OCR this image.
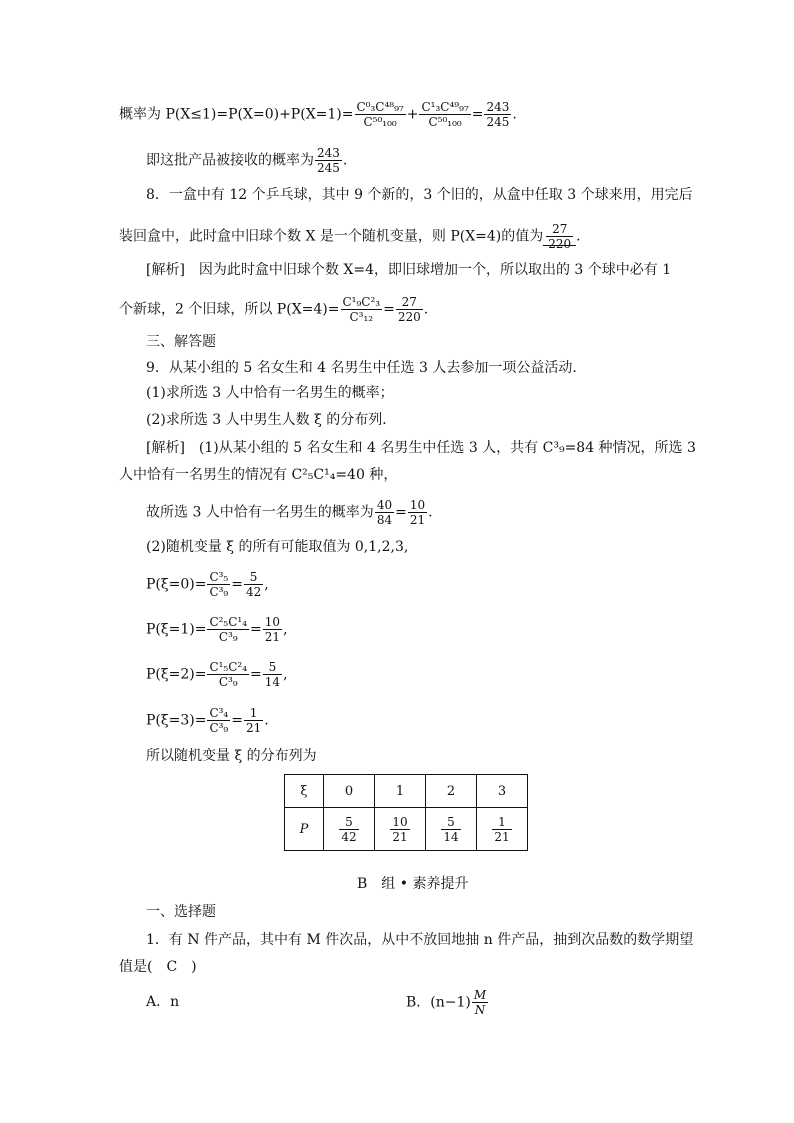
概率为 $P(X\le 1)=P(X=0)+P(X=1)= \frac{\text{C⁰₃C⁴⁸₉₇}}{\text{C⁵⁰₁₀₀}} + \frac{\text{C¹₃C⁴⁹₉₇}}{\text{C⁵⁰₁₀₀}} = \frac{243}{245}$ .
即这批产品被接收的概率为 $\frac{243}{245}$ .
8．一盒中有 12 个乒乓球，其中 9 个新的，3 个旧的，从盒中任取 3 个球来用，用完后
装回盒中，此时盒中旧球个数 X 是一个随机变量，则 P(X=4)的值为 $\frac{27}{220}$ .
[解析]　因为此时盒中旧球个数 X=4，即旧球增加一个，所以取出的 3 个球中必有 1
个新球，2 个旧球，所以 $P(X=4)= \frac{\text{C¹₉C²₃}}{\text{C³₁₂}} = \frac{27}{220}$ .
三、解答题
9．从某小组的 5 名女生和 4 名男生中任选 3 人去参加一项公益活动．
(1)求所选 3 人中恰有一名男生的概率；
(2)求所选 3 人中男生人数 ξ 的分布列．
[解析]　(1)从某小组的 5 名女生和 4 名男生中任选 3 人，共有 C³₉=84 种情况，所选 3
人中恰有一名男生的情况有 C²₅C¹₄=40 种，
故所选 3 人中恰有一名男生的概率为 $\frac{40}{84} = \frac{10}{21}$ .
(2)随机变量 ξ 的所有可能取值为 0,1,2,3,
$P(\xi=0)= \frac{\text{C³₅}}{\text{C³₉}} = \frac{5}{42}$ ,
$P(\xi=1)= \frac{\text{C²₅C¹₄}}{\text{C³₉}} = \frac{10}{21}$ ,
$P(\xi=2)= \frac{\text{C¹₅C²₄}}{\text{C³₉}} = \frac{5}{14}$ ,
$P(\xi=3)= \frac{\text{C³₄}}{\text{C³₉}} = \frac{1}{21}$ .
所以随机变量 ξ 的分布列为
ξ	0	1	2	3
P	$\frac{5}{42}$	$\frac{10}{21}$	$\frac{5}{14}$	$\frac{1}{21}$
B　组 • 素养提升
一、选择题
1．有 N 件产品，其中有 M 件次品，从中不放回地抽 n 件产品，抽到次品数的数学期望
值是(　C　)
A．n	B．$(n-1) \frac{M}{N}$
